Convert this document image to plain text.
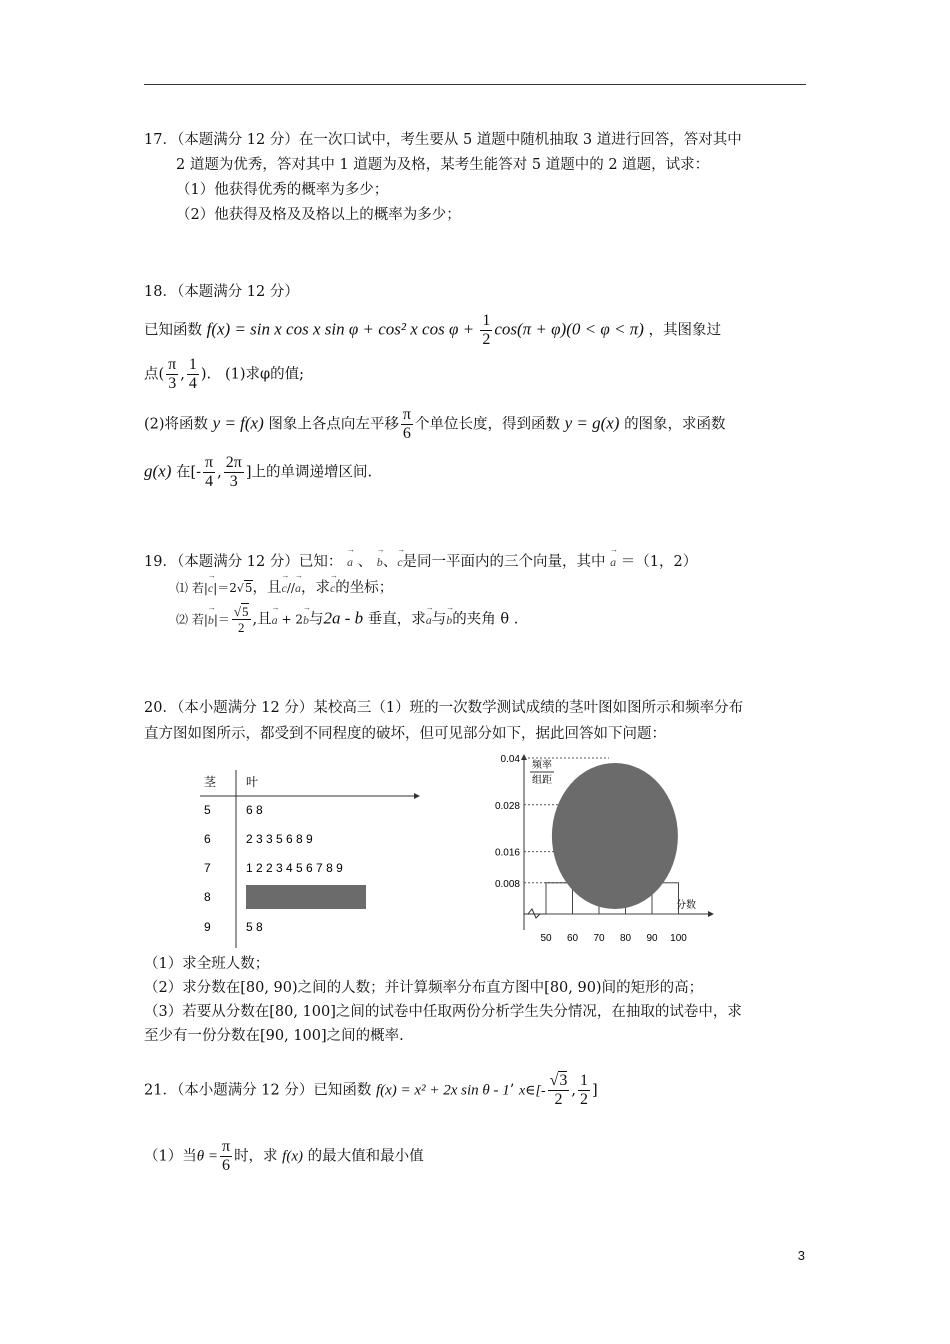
17．（本题满分 12 分）在一次口试中，考生要从 5 道题中随机抽取 3 道进行回答，答对其中
2 道题为优秀，答对其中 1 道题为及格，某考生能答对 5 道题中的 2 道题，试求：
（1）他获得优秀的概率为多少；
（2）他获得及格及及格以上的概率为多少；
18．（本题满分 12 分）
已知函数 f(x) = sin x cos x sin φ + cos² x $\cos \varphi + \frac{1}{2} \cos(\pi + \varphi)(0 < \varphi < \pi)$ ，其图象过
点( $\frac{\pi}{3}$ , $\frac{1}{4}$ ). (1)求φ的值;
(2)将函数 y = f(x) 图象上各点向左平移 $\frac{\pi}{6}$ 个单位长度，得到函数 y = g(x) 的图象，求函数
g(x) 在[- $\frac{\pi}{4}$ , $\frac{2\pi}{3}$ ]上的单调递增区间.
19．（本题满分 12 分）已知： → a 、 → b、→ c是同一平面内的三个向量，其中 → a ＝（1，2）
⑴ 若|→ c|＝2√5，且→ c//→ a，求→ c的坐标；
⑵ 若|→ $b|= \frac{√5}{2}$ ,且→ a + 2→ b与2a - b 垂直，求→ a与→ b的夹角 θ .
20．（本小题满分 12 分）某校高三（1）班的一次数学测试成绩的茎叶图如图所示和频率分布
直方图如图所示，都受到不同程度的破坏，但可见部分如下，据此回答如下问题：
茎 叶
5
6
7
8
9
6 8
2 3 3 5 6 8 9
1 2 2 3 4 5 6 7 8 9
5 8
频率
组距
0.04
0.028
0.016
0.008
50 60 70 80 90 100
分数
（1）求全班人数；
（2）求分数在[80, 90)之间的人数；并计算频率分布直方图中[80, 90)间的矩形的高；
（3）若要从分数在[80, 100]之间的试卷中任取两份分析学生失分情况，在抽取的试卷中，求
至少有一份分数在[90, 100]之间的概率.
21．（本小题满分 12 分）已知函数 f(x) = x² + 2x sin θ - 1’ x∈[- $\frac{√3}{2}$ , $\frac{1}{2}$ ]
（1）当$\theta = \frac{\pi}{6}$ 时，求 f(x) 的最大值和最小值
3
